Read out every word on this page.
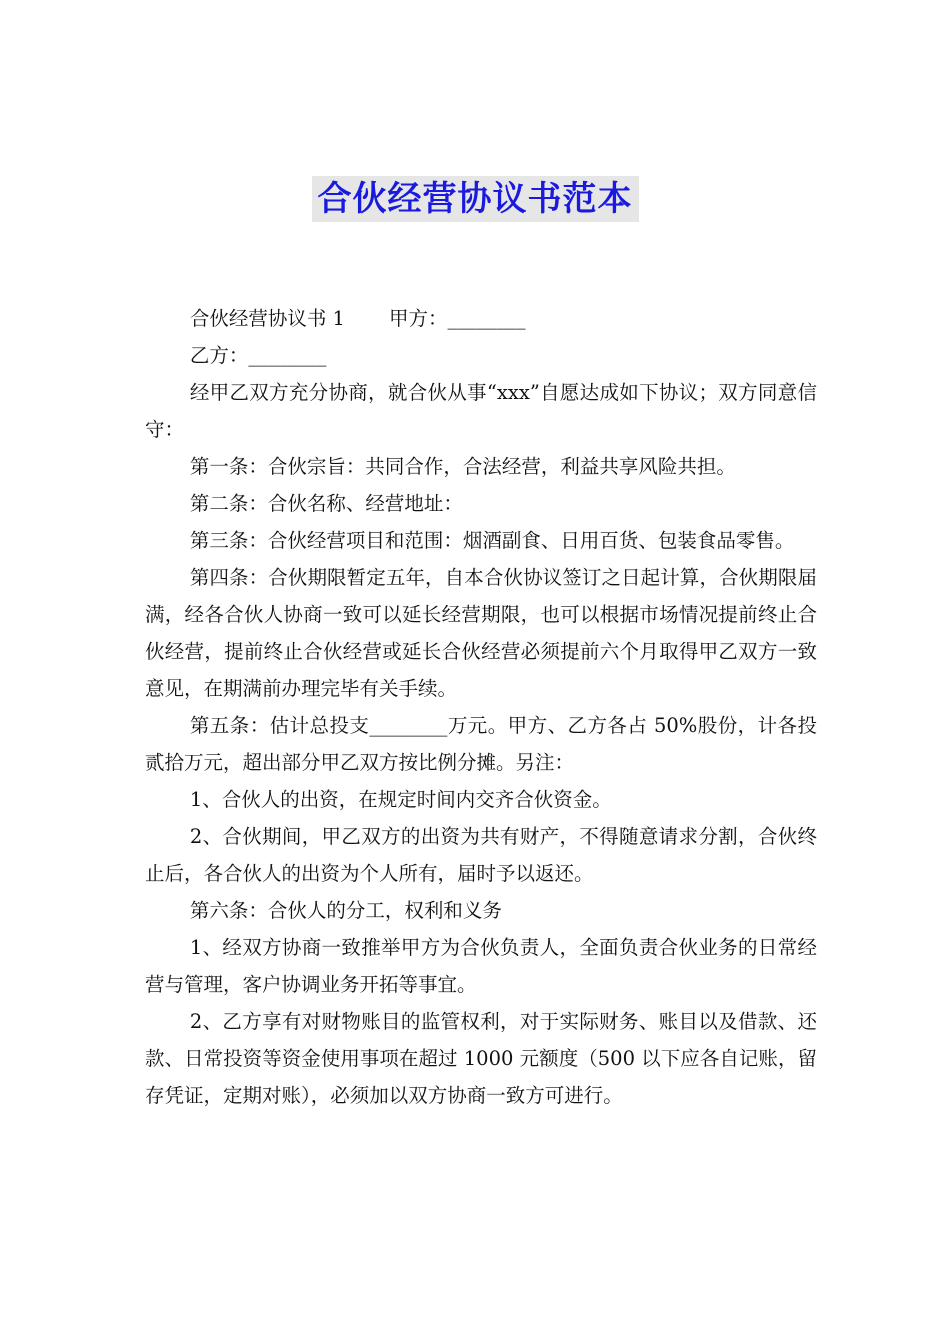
合伙经营协议书范本

合伙经营协议书 1 甲方：________

乙方：________

经甲乙双方充分协商，就合伙从事“xxx”自愿达成如下协议；双方同意信守：

第一条：合伙宗旨：共同合作，合法经营，利益共享风险共担。

第二条：合伙名称、经营地址：

第三条：合伙经营项目和范围：烟酒副食、日用百货、包装食品零售。

第四条：合伙期限暂定五年，自本合伙协议签订之日起计算，合伙期限届满，经各合伙人协商一致可以延长经营期限，也可以根据市场情况提前终止合伙经营，提前终止合伙经营或延长合伙经营必须提前六个月取得甲乙双方一致意见，在期满前办理完毕有关手续。

第五条：估计总投支________万元。甲方、乙方各占 50%股份，计各投贰拾万元，超出部分甲乙双方按比例分摊。另注：

1、合伙人的出资，在规定时间内交齐合伙资金。

2、合伙期间，甲乙双方的出资为共有财产，不得随意请求分割，合伙终止后，各合伙人的出资为个人所有，届时予以返还。

第六条：合伙人的分工，权利和义务

1、经双方协商一致推举甲方为合伙负责人，全面负责合伙业务的日常经营与管理，客户协调业务开拓等事宜。

2、乙方享有对财物账目的监管权利，对于实际财务、账目以及借款、还款、日常投资等资金使用事项在超过 1000 元额度（500 以下应各自记账，留存凭证，定期对账），必须加以双方协商一致方可进行。
